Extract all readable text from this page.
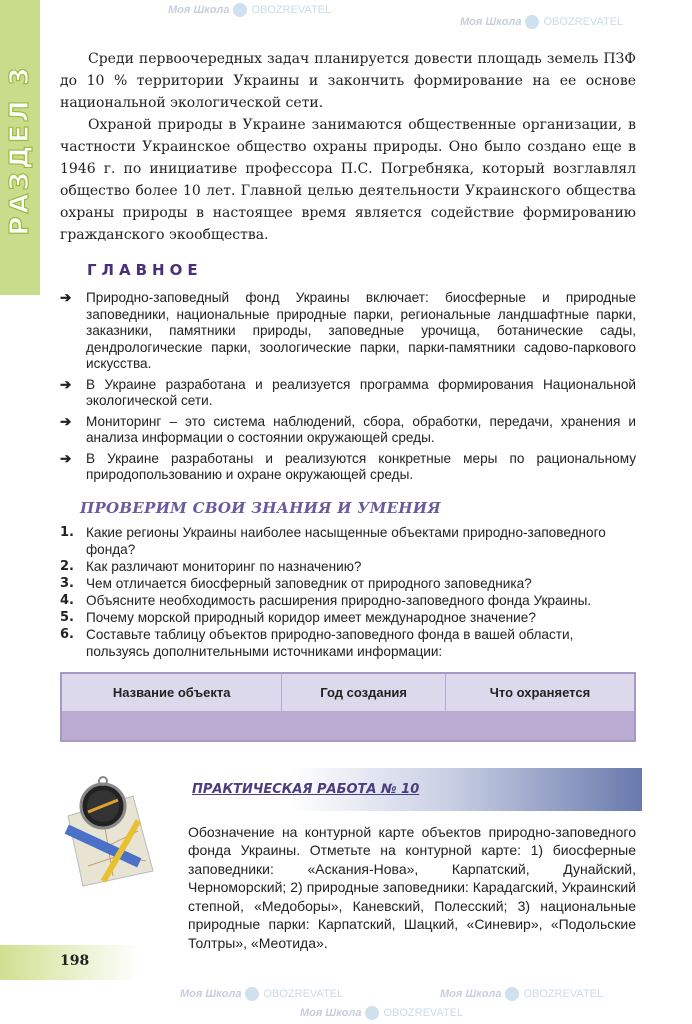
РАЗДЕЛ 3

Среди первоочередных задач планируется довести площадь земель ПЗФ до 10 % территории Украины и закончить формирование на ее основе национальной экологической сети.

Охраной природы в Украине занимаются общественные организации, в частности Украинское общество охраны природы. Оно было создано еще в 1946 г. по инициативе профессора П.С. Погребняка, который возглавлял общество более 10 лет. Главной целью деятельности Украинского общества охраны природы в настоящее время является содействие формированию гражданского экообщества.

ГЛАВНОЕ
➔ Природно-заповедный фонд Украины включает: биосферные и природные заповедники, национальные природные парки, региональные ландшафтные парки, заказники, памятники природы, заповедные урочища, ботанические сады, дендрологические парки, зоологические парки, парки-памятники садово-паркового искусства.
➔ В Украине разработана и реализуется программа формирования Национальной экологической сети.
➔ Мониторинг – это система наблюдений, сбора, обработки, передачи, хранения и анализа информации о состоянии окружающей среды.
➔ В Украине разработаны и реализуются конкретные меры по рациональному природопользованию и охране окружающей среды.
ПРОВЕРИМ СВОИ ЗНАНИЯ И УМЕНИЯ
1. Какие регионы Украины наиболее насыщенные объектами природно-заповедного фонда?
2. Как различают мониторинг по назначению?
3. Чем отличается биосферный заповедник от природного заповедника?
4. Объясните необходимость расширения природно-заповедного фонда Украины.
5. Почему морской природный коридор имеет международное значение?
6. Составьте таблицу объектов природно-заповедного фонда в вашей области, пользуясь дополнительными источниками информации:
Название объекта	Год создания	Что охраняется

ПРАКТИЧЕСКАЯ РАБОТА № 10

Обозначение на контурной карте объектов природно-заповедного фонда Украины. Отметьте на контурной карте: 1) биосферные заповедники: «Аскания-Нова», Карпатский, Дунайский, Черноморский; 2) природные заповедники: Карадагский, Украинский степной, «Медоборы», Каневский, Полесский; 3) национальные природные парки: Карпатский, Шацкий, «Синевир», «Подольские Толтры», «Меотида».

198
Моя Школа OBOZREVATEL
Моя Школа OBOZREVATEL
Моя Школа OBOZREVATEL	Моя Школа OBOZREVATEL
Моя Школа OBOZREVATEL
